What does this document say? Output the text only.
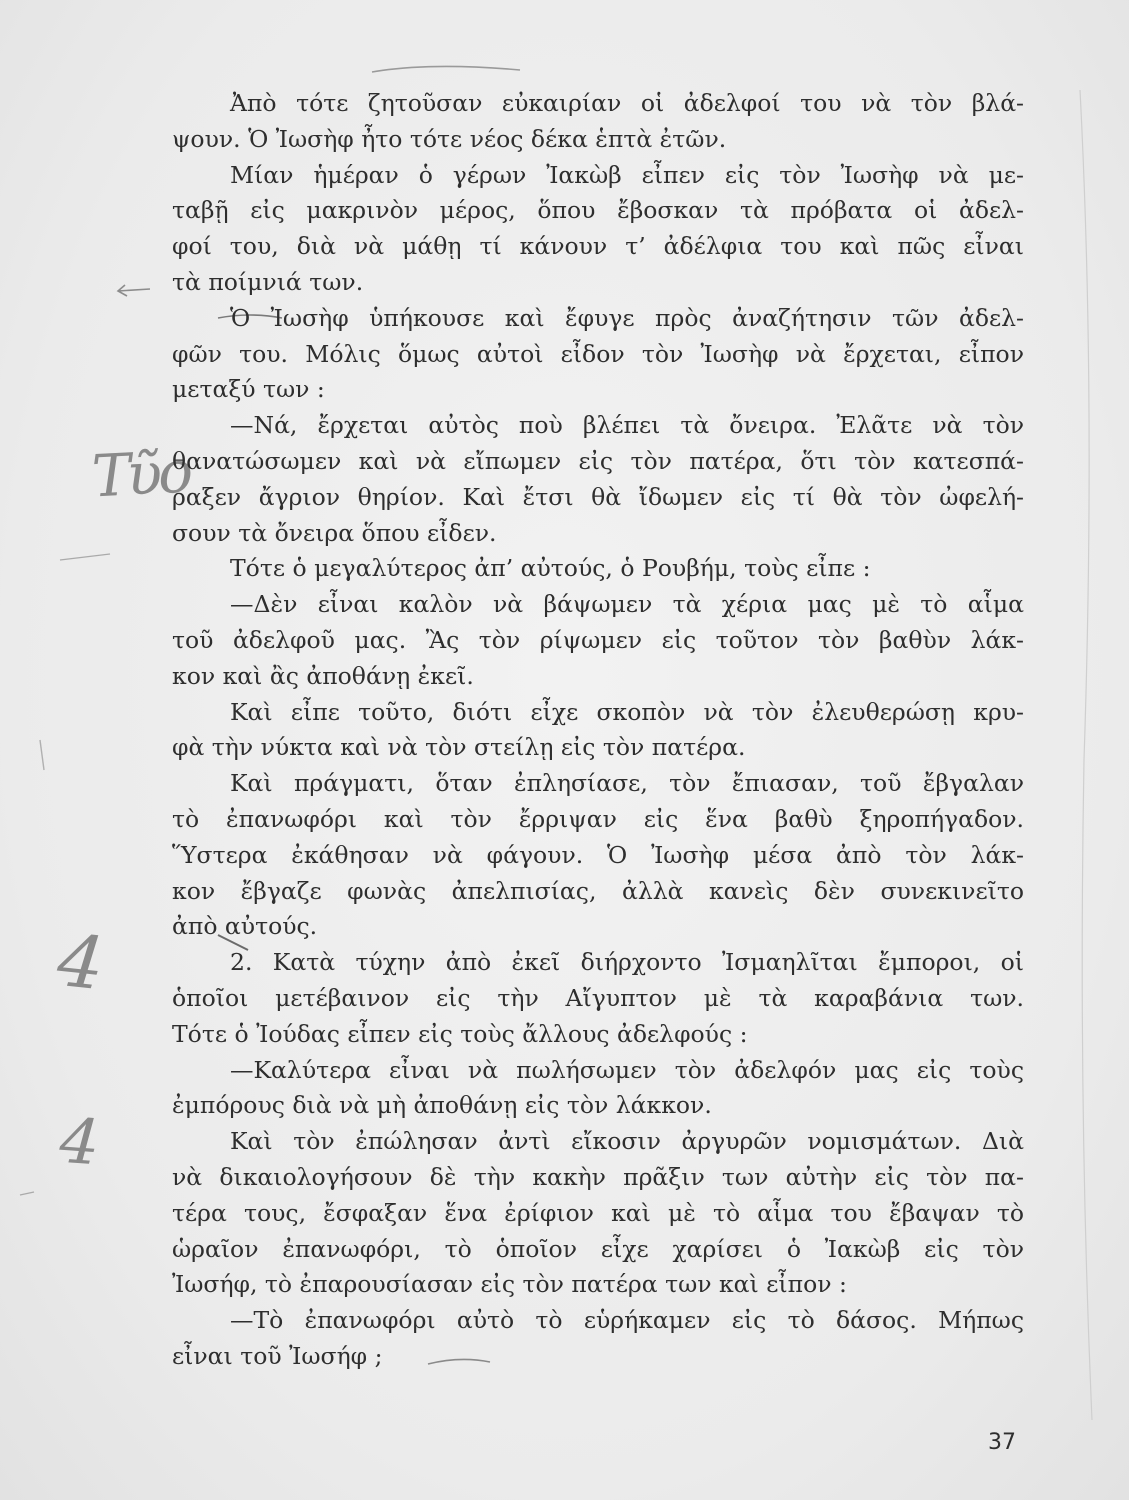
Τῦο
4
4
Ἀπὸ τότε ζητοῦσαν εὐκαιρίαν οἱ ἀδελφοί του νὰ τὸν βλά-
ψουν. Ὁ Ἰωσὴφ ἦτο τότε νέος δέκα ἑπτὰ ἐτῶν.
Μίαν ἡμέραν ὁ γέρων Ἰακὼβ εἶπεν εἰς τὸν Ἰωσὴφ νὰ με-
ταβῇ εἰς μακρινὸν μέρος, ὅπου ἔβοσκαν τὰ πρόβατα οἱ ἀδελ-
φοί του, διὰ νὰ μάθῃ τί κάνουν τ’ ἀδέλφια του καὶ πῶς εἶναι
τὰ ποίμνιά των.
Ὁ Ἰωσὴφ ὑπήκουσε καὶ ἔφυγε πρὸς ἀναζήτησιν τῶν ἀδελ-
φῶν του. Μόλις ὅμως αὐτοὶ εἶδον τὸν Ἰωσὴφ νὰ ἔρχεται, εἶπον
μεταξύ των :
—Νά, ἔρχεται αὐτὸς ποὺ βλέπει τὰ ὄνειρα. Ἐλᾶτε νὰ τὸν
θανατώσωμεν καὶ νὰ εἴπωμεν εἰς τὸν πατέρα, ὅτι τὸν κατεσπά-
ραξεν ἄγριον θηρίον. Καὶ ἔτσι θὰ ἴδωμεν εἰς τί θὰ τὸν ὠφελή-
σουν τὰ ὄνειρα ὅπου εἶδεν.
Τότε ὁ μεγαλύτερος ἀπ’ αὐτούς, ὁ Ρουβήμ, τοὺς εἶπε :
—Δὲν εἶναι καλὸν νὰ βάψωμεν τὰ χέρια μας μὲ τὸ αἷμα
τοῦ ἀδελφοῦ μας. Ἂς τὸν ρίψωμεν εἰς τοῦτον τὸν βαθὺν λάκ-
κον καὶ ἂς ἀποθάνῃ ἐκεῖ.
Καὶ εἶπε τοῦτο, διότι εἶχε σκοπὸν νὰ τὸν ἐλευθερώσῃ κρυ-
φὰ τὴν νύκτα καὶ νὰ τὸν στείλῃ εἰς τὸν πατέρα.
Καὶ πράγματι, ὅταν ἐπλησίασε, τὸν ἔπιασαν, τοῦ ἔβγαλαν
τὸ ἐπανωφόρι καὶ τὸν ἔρριψαν εἰς ἕνα βαθὺ ξηροπήγαδον.
Ὕστερα ἐκάθησαν νὰ φάγουν. Ὁ Ἰωσὴφ μέσα ἀπὸ τὸν λάκ-
κον ἔβγαζε φωνὰς ἀπελπισίας, ἀλλὰ κανεὶς δὲν συνεκινεῖτο
ἀπὸ αὐτούς.
2. Κατὰ τύχην ἀπὸ ἐκεῖ διήρχοντο Ἰσμαηλῖται ἔμποροι, οἱ
ὁποῖοι μετέβαινον εἰς τὴν Αἴγυπτον μὲ τὰ καραβάνια των.
Τότε ὁ Ἰούδας εἶπεν εἰς τοὺς ἄλλους ἀδελφούς :
—Καλύτερα εἶναι νὰ πωλήσωμεν τὸν ἀδελφόν μας εἰς τοὺς
ἐμπόρους διὰ νὰ μὴ ἀποθάνῃ εἰς τὸν λάκκον.
Καὶ τὸν ἐπώλησαν ἀντὶ εἴκοσιν ἀργυρῶν νομισμάτων. Διὰ
νὰ δικαιολογήσουν δὲ τὴν κακὴν πρᾶξιν των αὐτὴν εἰς τὸν πα-
τέρα τους, ἔσφαξαν ἕνα ἐρίφιον καὶ μὲ τὸ αἷμα του ἔβαψαν τὸ
ὡραῖον ἐπανωφόρι, τὸ ὁποῖον εἶχε χαρίσει ὁ Ἰακὼβ εἰς τὸν
Ἰωσήφ, τὸ ἐπαρουσίασαν εἰς τὸν πατέρα των καὶ εἶπον :
—Τὸ ἐπανωφόρι αὐτὸ τὸ εὑρήκαμεν εἰς τὸ δάσος. Μήπως
εἶναι τοῦ Ἰωσήφ ;
37
